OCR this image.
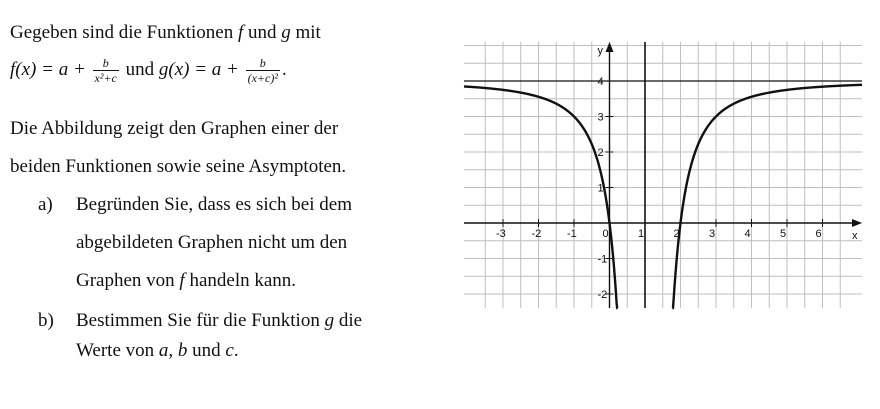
Gegeben sind die Funktionen f und g mit
$f(x) = a + \frac{b}{\text{x²+c}}$ und $g(x) = a + \frac{b}{\text{(x+c)²}}$ .
Die Abbildung zeigt den Graphen einer der
beiden Funktionen sowie seine Asymptoten.
a) Begründen Sie, dass es sich bei dem
abgebildeten Graphen nicht um den
Graphen von f handeln kann.
b) Bestimmen Sie für die Funktion g die
Werte von a, b und c.
-3 -2 -1 0	1	2	3	4	5	6
-2
-1
1
2
3
4
x
y
